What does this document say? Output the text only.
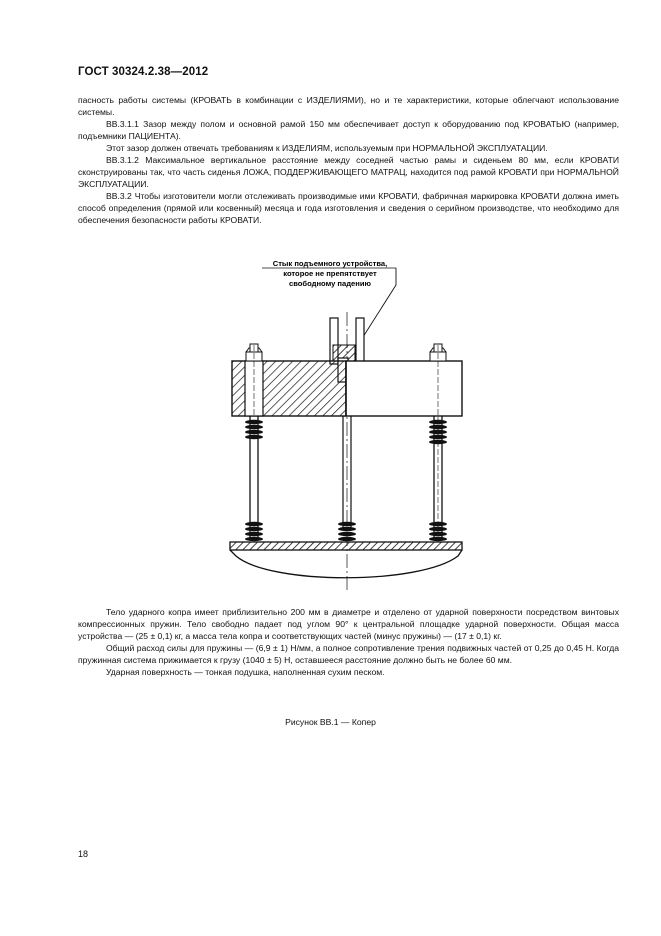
ГОСТ 30324.2.38—2012

пасность работы системы (КРОВАТЬ в комбинации с ИЗДЕЛИЯМИ), но и те характеристики, которые облегчают использование системы.

ВВ.3.1.1 Зазор между полом и основной рамой 150 мм обеспечивает доступ к оборудованию под КРОВАТЬЮ (например, подъемники ПАЦИЕНТА).

Этот зазор должен отвечать требованиям к ИЗДЕЛИЯМ, используемым при НОРМАЛЬНОЙ ЭКСПЛУАТАЦИИ.

ВВ.3.1.2 Максимальное вертикальное расстояние между соседней частью рамы и сиденьем 80 мм, если КРОВАТИ сконструированы так, что часть сиденья ЛОЖА, ПОДДЕРЖИВАЮЩЕГО МАТРАЦ, находится под рамой КРОВАТИ при НОРМАЛЬНОЙ ЭКСПЛУАТАЦИИ.

ВВ.3.2 Чтобы изготовители могли отслеживать производимые ими КРОВАТИ, фабричная маркировка КРОВАТИ должна иметь способ определения (прямой или косвенный) месяца и года изготовления и сведения о серийном производстве, что необходимо для обеспечения безопасности работы КРОВАТИ.

Стык подъемного устройства,
которое не препятствует
свободному падению

Тело ударного копра имеет приблизительно 200 мм в диаметре и отделено от ударной поверхности посредством винтовых компрессионных пружин. Тело свободно падает под углом 90° к центральной площадке ударной поверхности. Общая масса устройства — (25 ± 0,1) кг, а масса тела копра и соответствующих частей (минус пружины) — (17 ± 0,1) кг.

Общий расход силы для пружины — (6,9 ± 1) Н/мм, а полное сопротивление трения подвижных частей от 0,25 до 0,45 Н. Когда пружинная система прижимается к грузу (1040 ± 5) Н, оставшееся расстояние должно быть не более 60 мм.

Ударная поверхность — тонкая подушка, наполненная сухим песком.

Рисунок ВВ.1 — Копер
18
